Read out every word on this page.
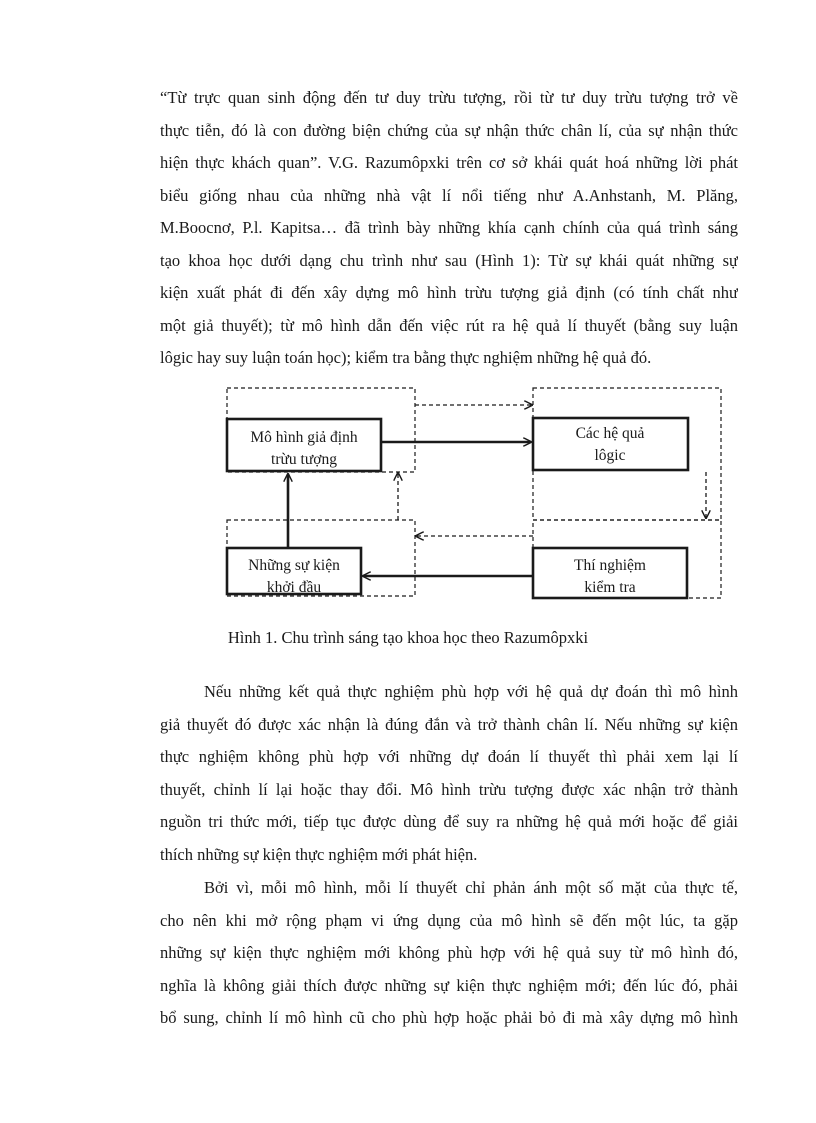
“Từ trực quan sinh động đến tư duy trừu tượng, rồi từ tư duy trừu tượng trở về
thực tiễn, đó là con đường biện chứng của sự nhận thức chân lí, của sự nhận thức
hiện thực khách quan”. V.G. Razumôpxki trên cơ sở khái quát hoá những lời phát
biểu giống nhau của những nhà vật lí nổi tiếng như A.Anhstanh, M. Plăng,
M.Boocnơ, P.l. Kapitsa… đã trình bày những khía cạnh chính của quá trình sáng
tạo khoa học dưới dạng chu trình như sau (Hình 1): Từ sự khái quát những sự
kiện xuất phát đi đến xây dựng mô hình trừu tượng giả định (có tính chất như
một giả thuyết); từ mô hình dẫn đến việc rút ra hệ quả lí thuyết (bằng suy luận
lôgic hay suy luận toán học); kiểm tra bằng thực nghiệm những hệ quả đó.
Mô hình giả định
trừu tượng
Các hệ quả
lôgic
Những sự kiện
khởi đầu
Thí nghiệm
kiểm tra
Hình 1. Chu trình sáng tạo khoa học theo Razumôpxki
Nếu những kết quả thực nghiệm phù hợp với hệ quả dự đoán thì mô hình
giả thuyết đó được xác nhận là đúng đắn và trở thành chân lí. Nếu những sự kiện
thực nghiệm không phù hợp với những dự đoán lí thuyết thì phải xem lại lí
thuyết, chỉnh lí lại hoặc thay đổi. Mô hình trừu tượng được xác nhận trở thành
nguồn tri thức mới, tiếp tục được dùng để suy ra những hệ quả mới hoặc để giải
thích những sự kiện thực nghiệm mới phát hiện.
Bởi vì, mỗi mô hình, mỗi lí thuyết chỉ phản ánh một số mặt của thực tế,
cho nên khi mở rộng phạm vi ứng dụng của mô hình sẽ đến một lúc, ta gặp
những sự kiện thực nghiệm mới không phù hợp với hệ quả suy từ mô hình đó,
nghĩa là không giải thích được những sự kiện thực nghiệm mới; đến lúc đó, phải
bổ sung, chỉnh lí mô hình cũ cho phù hợp hoặc phải bỏ đi mà xây dựng mô hình
